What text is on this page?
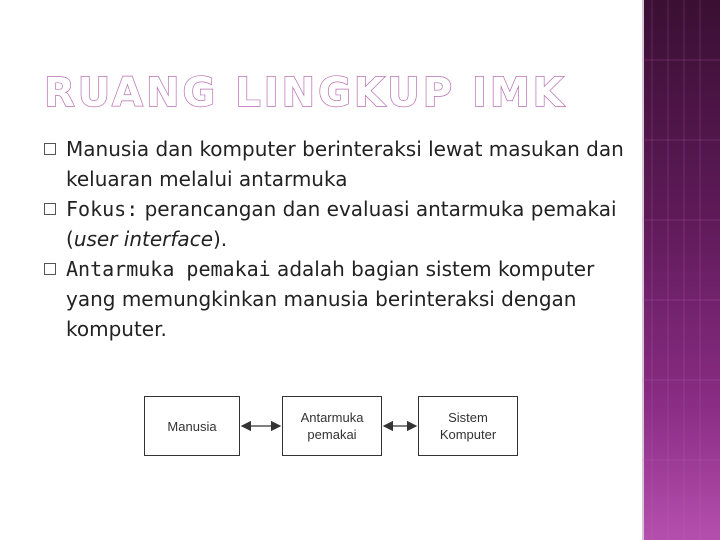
RUANG LINGKUP IMK
Manusia dan komputer berinteraksi lewat masukan dan keluaran melalui antarmuka
Fokus: perancangan dan evaluasi antarmuka pemakai (user interface).
Antarmuka pemakai adalah bagian sistem komputer yang memungkinkan manusia berinteraksi dengan komputer.
Manusia
Antarmuka
pemakai
Sistem
Komputer
